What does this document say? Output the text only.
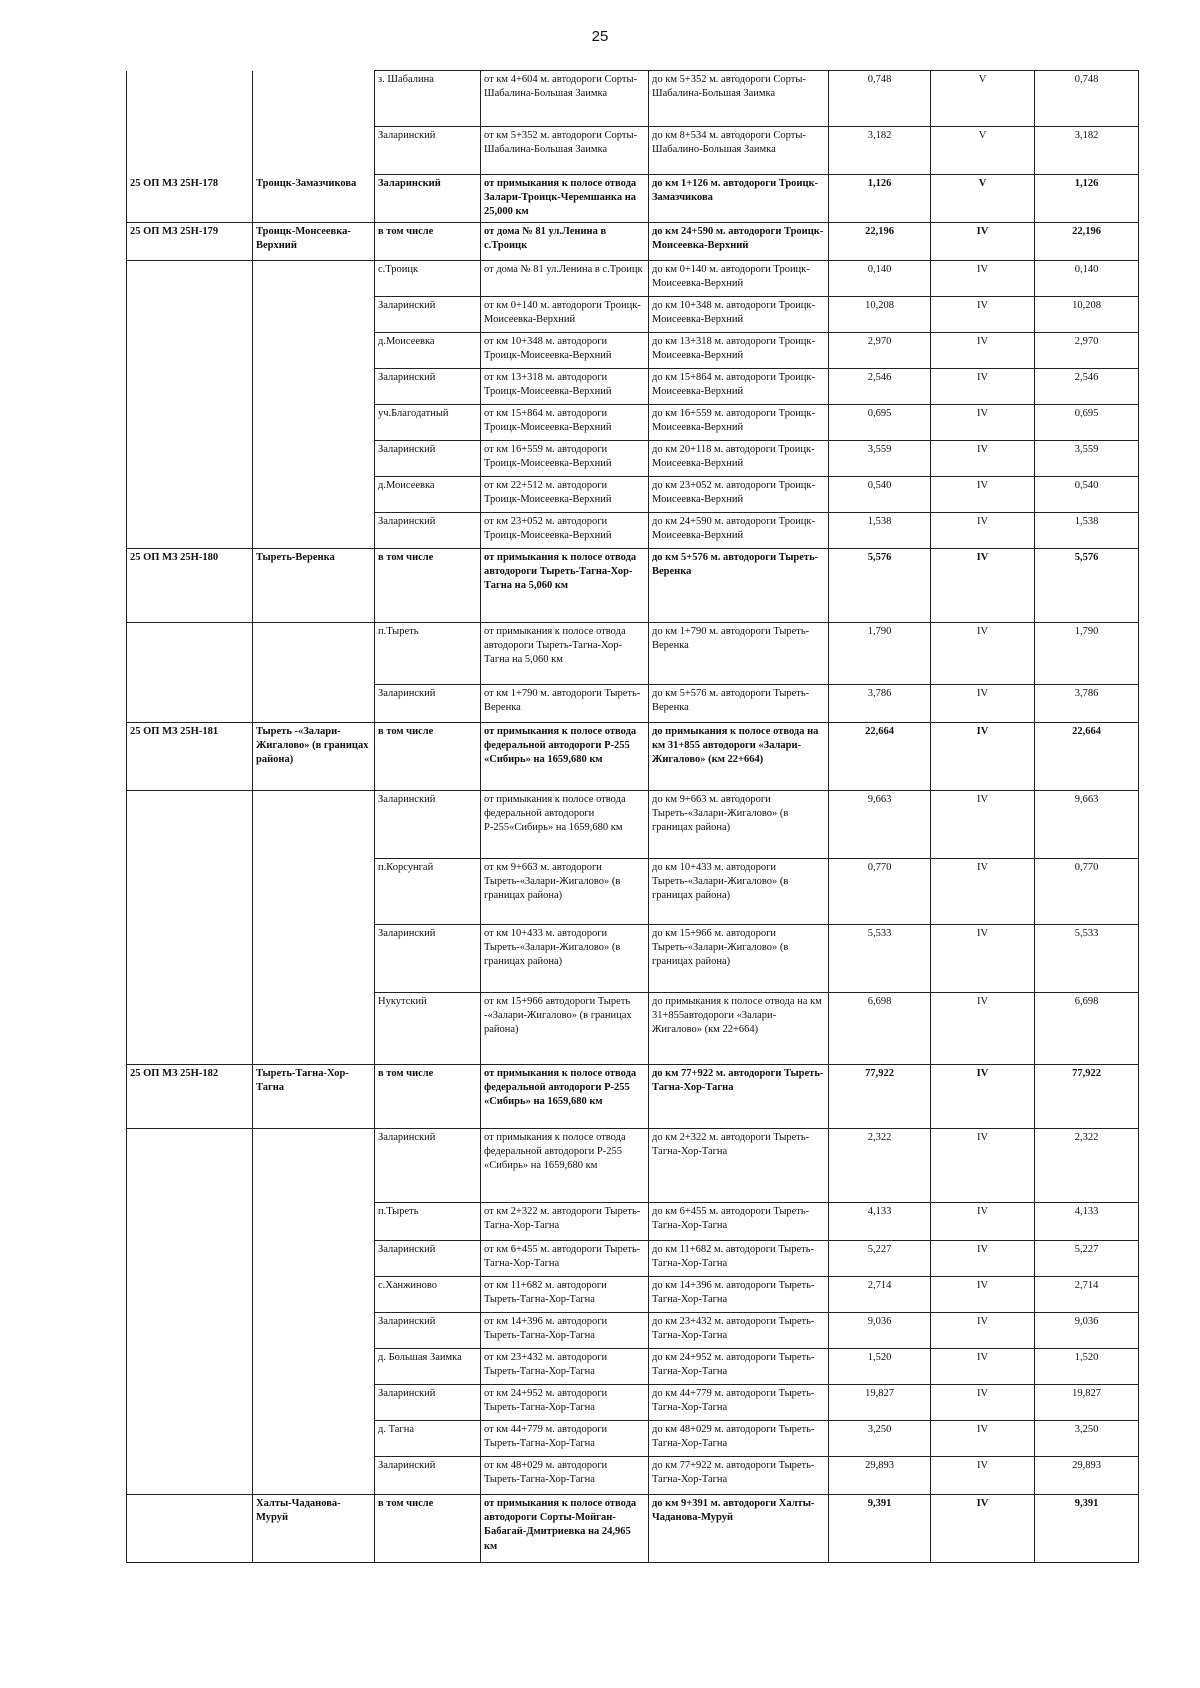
25
		з. Шабалина	от км 4+604 м. автодороги Сорты-Шабалина-Большая Заимка	до км 5+352 м. автодороги Сорты-Шабалина-Большая Заимка	0,748	V	0,748
		Заларинский	от км 5+352 м. автодороги Сорты-Шабалина-Большая Заимка	до км 8+534 м. автодороги Сорты-Шабалино-Большая Заимка	3,182	V	3,182
25 ОП МЗ 25Н-178	Троицк-Замазчикова	Заларинский	от примыкания к полосе отвода Залари-Троицк-Черемшанка на 25,000 км	до км 1+126 м. автодороги Троицк-Замазчикова	1,126	V	1,126
25 ОП МЗ 25Н-179	Троицк-Монсеевка-Верхний	в том числе	от дома № 81 ул.Ленина в с.Троицк	до км 24+590 м. автодороги Троицк-Моисеевка-Верхний	22,196	IV	22,196
		с.Троицк	от дома № 81 ул.Ленина в с.Троицк	до км 0+140 м. автодороги Троицк-Моисеевка-Верхний	0,140	IV	0,140
		Заларинский	от км 0+140 м. автодороги Троицк-Моисеевка-Верхний	до км 10+348 м. автодороги Троицк-Моисеевка-Верхний	10,208	IV	10,208
		д.Моисеевка	от км 10+348 м. автодороги Троицк-Моисеевка-Верхний	до км 13+318 м. автодороги Троицк-Моисеевка-Верхний	2,970	IV	2,970
		Заларинский	от км 13+318 м. автодороги Троицк-Моисеевка-Верхний	до км 15+864 м. автодороги Троицк-Моисеевка-Верхний	2,546	IV	2,546
		уч.Благодатный	от км 15+864 м. автодороги Троицк-Моисеевка-Верхний	до км 16+559 м. автодороги Троицк-Моисеевка-Верхний	0,695	IV	0,695
		Заларинский	от км 16+559 м. автодороги Троицк-Моисеевка-Верхний	до км 20+118 м. автодороги Троицк-Моисеевка-Верхний	3,559	IV	3,559
		д.Моисеевка	от км 22+512 м. автодороги Троицк-Моисеевка-Верхний	до км 23+052 м. автодороги Троицк-Моисеевка-Верхний	0,540	IV	0,540
		Заларинский	от км 23+052 м. автодороги Троицк-Моисеевка-Верхний	до км 24+590 м. автодороги Троицк-Моисеевка-Верхний	1,538	IV	1,538
25 ОП МЗ 25Н-180	Тыреть-Веренка	в том числе	от примыкания к полосе отвода автодороги Тыреть-Тагна-Хор-Тагна на 5,060 км	до км 5+576 м. автодороги Тыреть-Веренка	5,576	IV	5,576
		п.Тыреть	от примыкания к полосе отвода автодороги Тыреть-Тагна-Хор-Тагна на 5,060 км	до км 1+790 м. автодороги Тыреть-Веренка	1,790	IV	1,790
		Заларинский	от км 1+790 м. автодороги Тыреть-Веренка	до км 5+576 м. автодороги Тыреть-Веренка	3,786	IV	3,786
25 ОП МЗ 25Н-181	Тыреть -«Залари-Жигалово» (в границах района)	в том числе	от примыкания к полосе отвода федеральной автодороги Р-255 «Сибирь» на 1659,680 км	до примыкания к полосе отвода на км 31+855 автодороги «Залари-Жигалово» (км 22+664)	22,664	IV	22,664
		Заларинский	от примыкания к полосе отвода федеральной автодороги Р-255«Сибирь» на 1659,680 км	до км 9+663 м. автодороги Тыреть-«Залари-Жигалово» (в границах района)	9,663	IV	9,663
		п.Корсунгай	от км 9+663 м. автодороги Тыреть-«Залари-Жигалово» (в границах района)	до км 10+433 м. автодороги Тыреть-«Залари-Жигалово» (в границах района)	0,770	IV	0,770
		Заларинский	от км 10+433 м. автодороги Тыреть-«Залари-Жигалово» (в границах района)	до км 15+966 м. автодороги Тыреть-«Залари-Жигалово» (в границах района)	5,533	IV	5,533
		Нукутский	от км 15+966 автодороги Тыреть -«Залари-Жигалово» (в границах района)	до примыкания к полосе отвода на км 31+855автодороги «Залари-Жигалово» (км 22+664)	6,698	IV	6,698
25 ОП МЗ 25Н-182	Тыреть-Тагна-Хор-Тагна	в том числе	от примыкания к полосе отвода федеральной автодороги Р-255 «Сибирь» на 1659,680 км	до км 77+922 м. автодороги Тыреть-Тагна-Хор-Тагна	77,922	IV	77,922
		Заларинский	от примыкания к полосе отвода федеральной автодороги Р-255 «Сибирь» на 1659,680 км	до км 2+322 м. автодороги Тыреть-Тагна-Хор-Тагна	2,322	IV	2,322
		п.Тыреть	от км 2+322 м. автодороги Тыреть-Тагна-Хор-Тагна	до км 6+455 м. автодороги Тыреть-Тагна-Хор-Тагна	4,133	IV	4,133
		Заларинский	от км 6+455 м. автодороги Тыреть-Тагна-Хор-Тагна	до км 11+682 м. автодороги Тыреть-Тагна-Хор-Тагна	5,227	IV	5,227
		с.Ханжиново	от км 11+682 м. автодороги Тыреть-Тагна-Хор-Тагна	до км 14+396 м. автодороги Тыреть-Тагна-Хор-Тагна	2,714	IV	2,714
		Заларинский	от км 14+396 м. автодороги Тыреть-Тагна-Хор-Тагна	до км 23+432 м. автодороги Тыреть-Тагна-Хор-Тагна	9,036	IV	9,036
		д. Большая Заимка	от км 23+432 м. автодороги Тыреть-Тагна-Хор-Тагна	до км 24+952 м. автодороги Тыреть-Тагна-Хор-Тагна	1,520	IV	1,520
		Заларинский	от км 24+952 м. автодороги Тыреть-Тагна-Хор-Тагна	до км 44+779 м. автодороги Тыреть-Тагна-Хор-Тагна	19,827	IV	19,827
		д. Тагна	от км 44+779 м. автодороги Тыреть-Тагна-Хор-Тагна	до км 48+029 м. автодороги Тыреть-Тагна-Хор-Тагна	3,250	IV	3,250
		Заларинский	от км 48+029 м. автодороги Тыреть-Тагна-Хор-Тагна	до км 77+922 м. автодороги Тыреть-Тагна-Хор-Тагна	29,893	IV	29,893
	Халты-Чаданова-Муруй	в том числе	от примыкания к полосе отвода автодороги Сорты-Мойган-Бабагай-Дмитриевка на 24,965 км	до км 9+391 м. автодороги Халты-Чаданова-Муруй	9,391	IV	9,391
